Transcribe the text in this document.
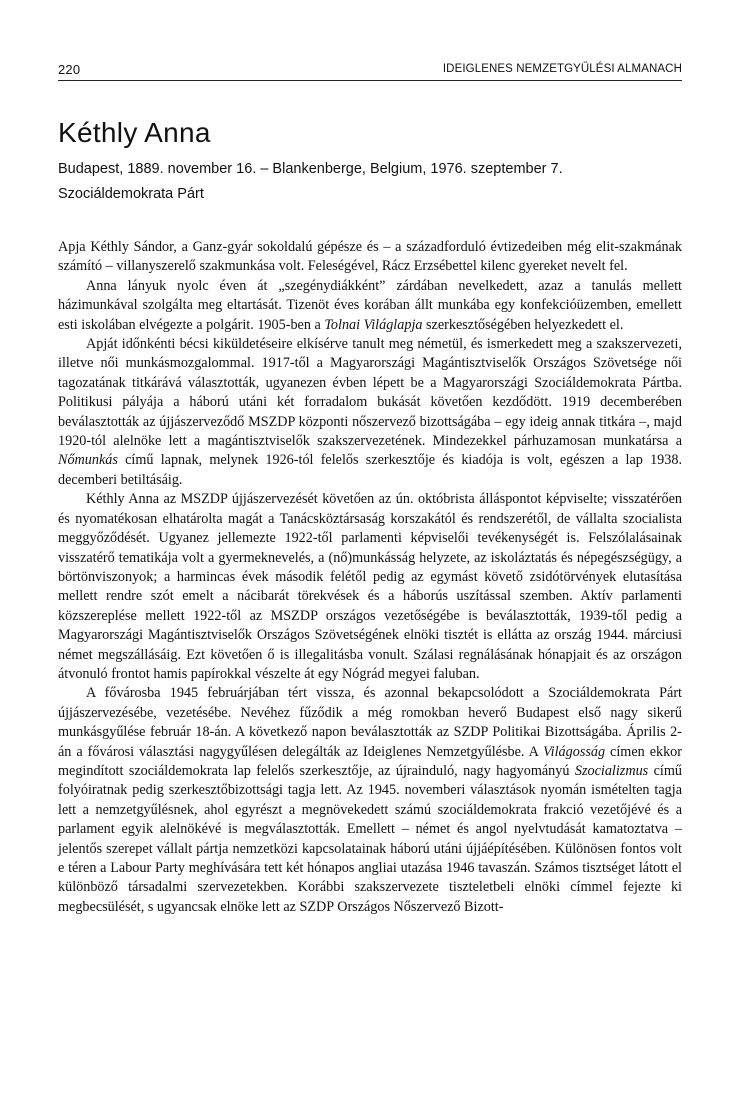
220	IDEIGLENES NEMZETGYŰLÉSI ALMANACH
Kéthly Anna
Budapest, 1889. november 16. – Blankenberge, Belgium, 1976. szeptember 7.
Szociáldemokrata Párt

Apja Kéthly Sándor, a Ganz-gyár sokoldalú gépésze és – a századforduló évtizedeiben még elit-szakmának számító – villanyszerelő szakmunkása volt. Feleségével, Rácz Erzsébettel kilenc gyereket nevelt fel.

Anna lányuk nyolc éven át „szegénydiákként” zárdában nevelkedett, azaz a tanulás mellett házimunkával szolgálta meg eltartását. Tizenöt éves korában állt munkába egy konfekcióüzemben, emellett esti iskolában elvégezte a polgárit. 1905-ben a Tolnai Világlapja szerkesztőségében helyezkedett el.

Apját időnkénti bécsi kiküldetéseire elkísérve tanult meg németül, és ismerkedett meg a szakszervezeti, illetve női munkásmozgalommal. 1917-től a Magyarországi Magántisztviselők Országos Szövetsége női tagozatának titkárává választották, ugyanezen évben lépett be a Magyarországi Szociáldemokrata Pártba. Politikusi pályája a háború utáni két forradalom bukását követően kezdődött. 1919 decemberében beválasztották az újjászerveződő MSZDP központi nőszervező bizottságába – egy ideig annak titkára –, majd 1920-tól alelnöke lett a magántisztviselők szakszervezetének. Mindezekkel párhuzamosan munkatársa a Nőmunkás című lapnak, melynek 1926-tól felelős szerkesztője és kiadója is volt, egészen a lap 1938. decemberi betiltásáig.

Kéthly Anna az MSZDP újjászervezését követően az ún. októbrista álláspontot képviselte; visszatérően és nyomatékosan elhatárolta magát a Tanácsköztársaság korszakától és rendszerétől, de vállalta szocialista meggyőződését. Ugyanez jellemezte 1922-től parlamenti képviselői tevékenységét is. Felszólalásainak visszatérő tematikája volt a gyermeknevelés, a (nő)munkásság helyzete, az iskoláztatás és népegészségügy, a börtönviszonyok; a harmincas évek második felétől pedig az egymást követő zsidótörvények elutasítása mellett rendre szót emelt a nácibarát törekvések és a háborús uszítással szemben. Aktív parlamenti közszereplése mellett 1922-től az MSZDP országos vezetőségébe is beválasztották, 1939-től pedig a Magyarországi Magántisztviselők Országos Szövetségének elnöki tisztét is ellátta az ország 1944. márciusi német megszállásáig. Ezt követően ő is illegalitásba vonult. Szálasi regnálásának hónapjait és az országon átvonuló frontot hamis papírokkal vészelte át egy Nógrád megyei faluban.

A fővárosba 1945 februárjában tért vissza, és azonnal bekapcsolódott a Szociáldemokrata Párt újjászervezésébe, vezetésébe. Nevéhez fűződik a még romokban heverő Budapest első nagy sikerű munkásgyűlése február 18-án. A következő napon beválasztották az SZDP Politikai Bizottságába. Április 2-án a fővárosi választási nagygyűlésen delegálták az Ideiglenes Nemzetgyűlésbe. A Világosság címen ekkor megindított szociáldemokrata lap felelős szerkesztője, az újrainduló, nagy hagyományú Szocializmus című folyóiratnak pedig szerkesztőbizottsági tagja lett. Az 1945. novemberi választások nyomán ismételten tagja lett a nemzetgyűlésnek, ahol egyrészt a megnövekedett számú szociáldemokrata frakció vezetőjévé és a parlament egyik alelnökévé is megválasztották. Emellett – német és angol nyelvtudását kamatoztatva – jelentős szerepet vállalt pártja nemzetközi kapcsolatainak háború utáni újjáépítésében. Különösen fontos volt e téren a Labour Party meghívására tett két hónapos angliai utazása 1946 tavaszán. Számos tisztséget látott el különböző társadalmi szervezetekben. Korábbi szakszervezete tiszteletbeli elnöki címmel fejezte ki megbecsülését, s ugyancsak elnöke lett az SZDP Országos Nőszervező Bizott-
